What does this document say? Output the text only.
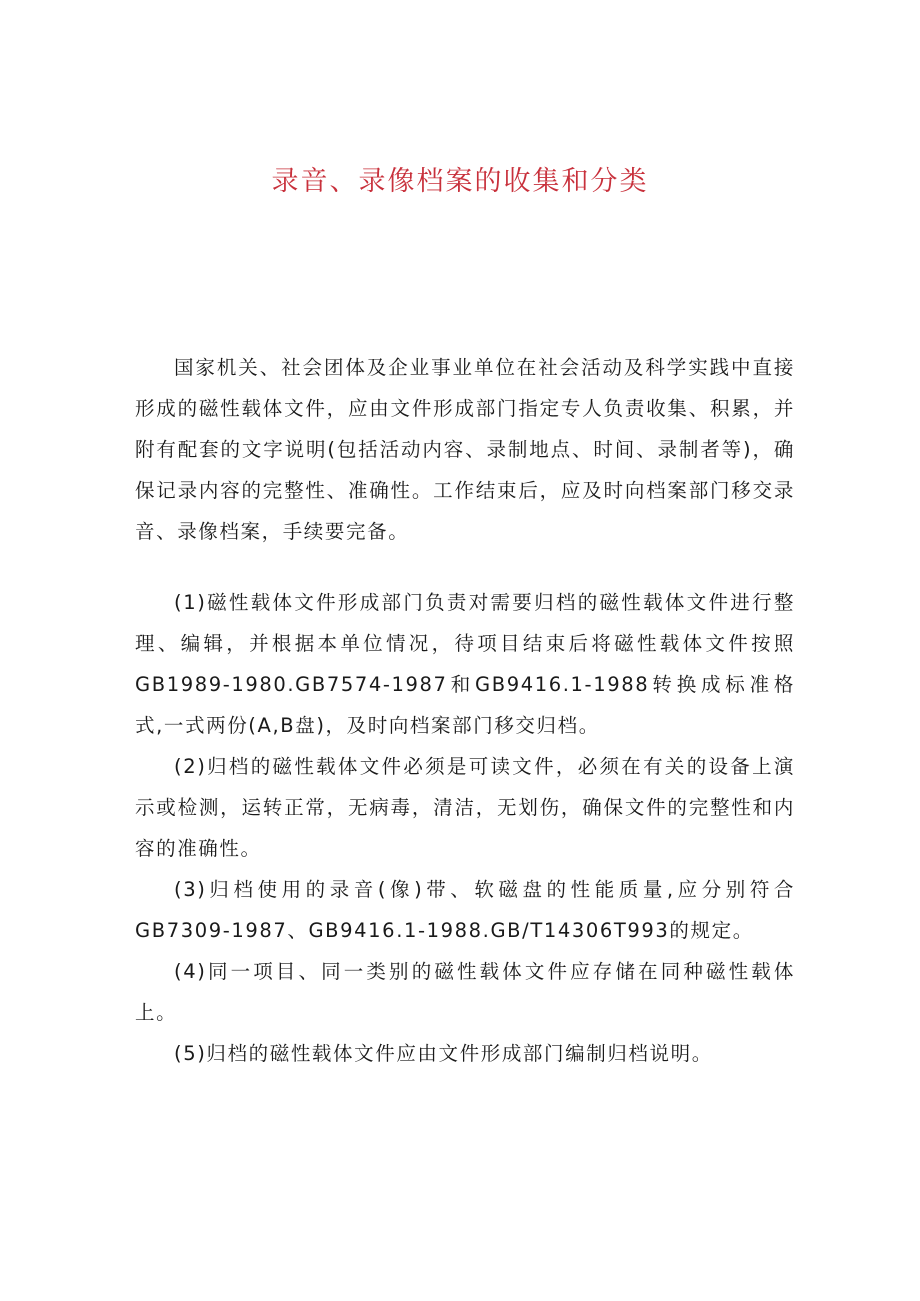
录音、录像档案的收集和分类

国家机关、社会团体及企业事业单位在社会活动及科学实践中直接形成的磁性载体文件，应由文件形成部门指定专人负责收集、积累，并附有配套的文字说明(包括活动内容、录制地点、时间、录制者等)，确保记录内容的完整性、准确性。工作结束后，应及时向档案部门移交录音、录像档案，手续要完备。

(1)磁性载体文件形成部门负责对需要归档的磁性载体文件进行整理、编辑，并根据本单位情况，待项目结束后将磁性载体文件按照GB1989-1980.GB7574-1987和GB9416.1-1988转换成标准格式,一式两份(A,B盘)，及时向档案部门移交归档。

(2)归档的磁性载体文件必须是可读文件，必须在有关的设备上演示或检测，运转正常，无病毒，清洁，无划伤，确保文件的完整性和内容的准确性。

(3)归档使用的录音(像)带、软磁盘的性能质量,应分别符合GB7309-1987、GB9416.1-1988.GB/T14306T993的规定。

(4)同一项目、同一类别的磁性载体文件应存储在同种磁性载体上。

(5)归档的磁性载体文件应由文件形成部门编制归档说明。
